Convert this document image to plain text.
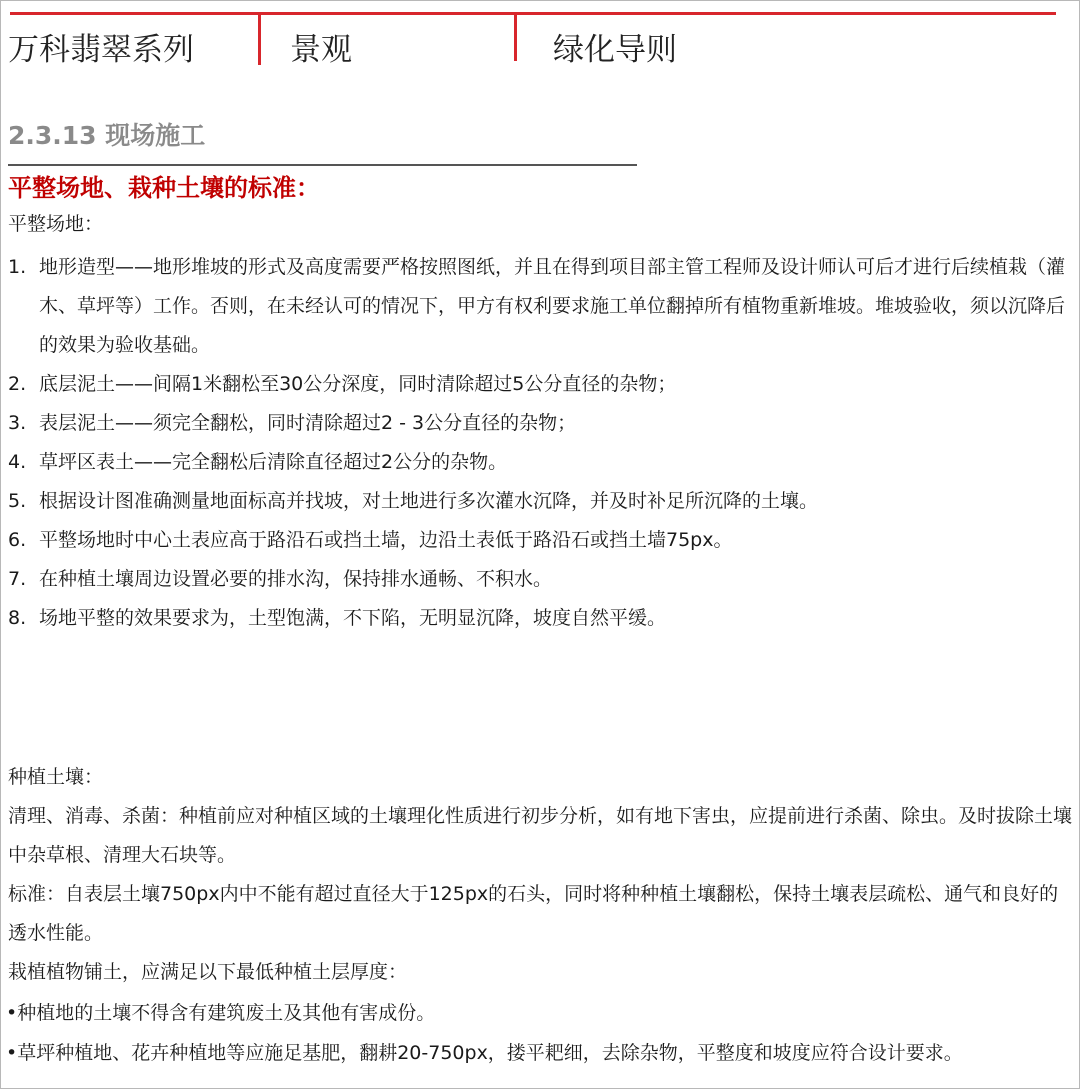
万科翡翠系列	景观	绿化导则
2.3.13 现场施工
平整场地、栽种土壤的标准：
平整场地：
1. 地形造型——地形堆坡的形式及高度需要严格按照图纸，并且在得到项目部主管工程师及设计师认可后才进行后续植栽（灌木、草坪等）工作。否则，在未经认可的情况下，甲方有权利要求施工单位翻掉所有植物重新堆坡。堆坡验收，须以沉降后的效果为验收基础。
2. 底层泥土——间隔1米翻松至30公分深度，同时清除超过5公分直径的杂物；
3. 表层泥土——须完全翻松，同时清除超过2 - 3公分直径的杂物；
4. 草坪区表土——完全翻松后清除直径超过2公分的杂物。
5. 根据设计图准确测量地面标高并找坡，对土地进行多次灌水沉降，并及时补足所沉降的土壤。
6. 平整场地时中心土表应高于路沿石或挡土墙，边沿土表低于路沿石或挡土墙75px。
7. 在种植土壤周边设置必要的排水沟，保持排水通畅、不积水。
8. 场地平整的效果要求为，土型饱满，不下陷，无明显沉降，坡度自然平缓。
种植土壤：
清理、消毒、杀菌：种植前应对种植区域的土壤理化性质进行初步分析，如有地下害虫，应提前进行杀菌、除虫。及时拔除土壤中杂草根、清理大石块等。
标准：自表层土壤750px内中不能有超过直径大于125px的石头，同时将种种植土壤翻松，保持土壤表层疏松、通气和良好的透水性能。
栽植植物铺土，应满足以下最低种植土层厚度：
•种植地的土壤不得含有建筑废土及其他有害成份。
•草坪种植地、花卉种植地等应施足基肥，翻耕20-750px，搂平耙细，去除杂物，平整度和坡度应符合设计要求。
